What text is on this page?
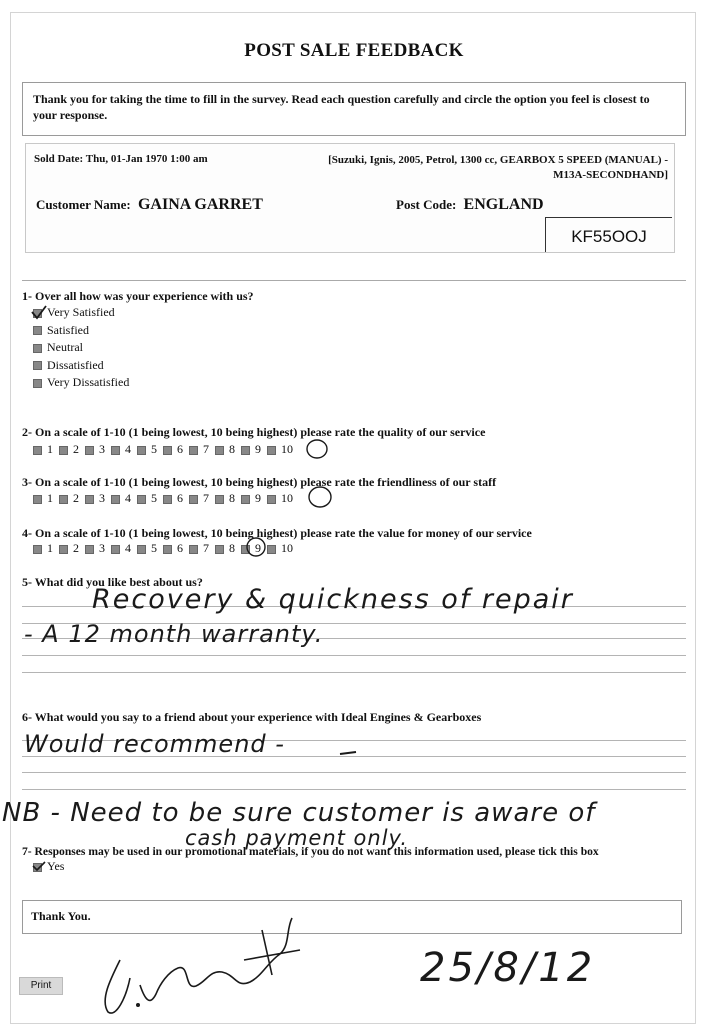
POST SALE FEEDBACK
Thank you for taking the time to fill in the survey. Read each question carefully and circle the option you feel is closest to your response.
Sold Date: Thu, 01-Jan 1970 1:00 am	[Suzuki, Ignis, 2005, Petrol, 1300 cc, GEARBOX 5 SPEED (MANUAL) -
M13A-SECONDHAND]
Customer Name: GAINA GARRET	Post Code: ENGLAND
KF55OOJ
1- Over all how was your experience with us?
Very Satisfied
Satisfied
Neutral
Dissatisfied
Very Dissatisfied
2- On a scale of 1-10 (1 being lowest, 10 being highest) please rate the quality of our service
1 2 3 4 5 6 7 8 9 10
3- On a scale of 1-10 (1 being lowest, 10 being highest) please rate the friendliness of our staff
1 2 3 4 5 6 7 8 9 10
4- On a scale of 1-10 (1 being lowest, 10 being highest) please rate the value for money of our service
1 2 3 4 5 6 7 8 9 10
5- What did you like best about us?
Recovery & quickness of repair
- A 12 month warranty.
6- What would you say to a friend about your experience with Ideal Engines & Gearboxes
Would recommend -
NB - Need to be sure customer is aware of
cash payment only.
7- Responses may be used in our promotional materials, if you do not want this information used, please tick this box
Yes
Thank You.
Print	25/8/12
